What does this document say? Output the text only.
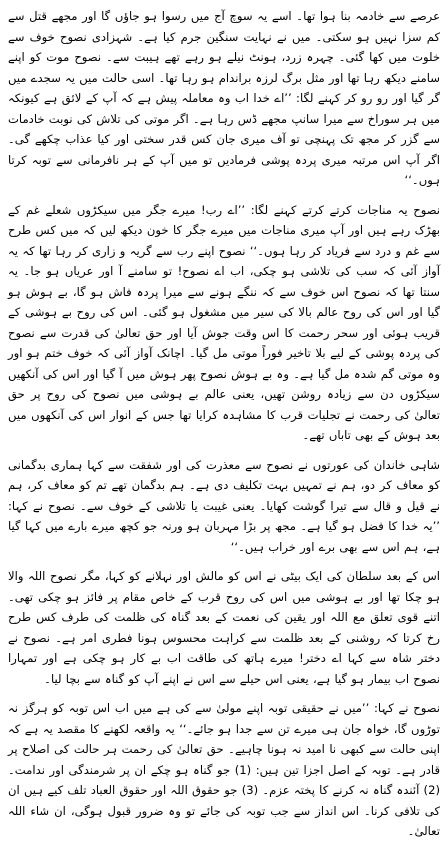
عرصے سے خادمہ بنا ہوا تھا۔ اسے یہ سوچ آج میں رسوا ہو جاؤں گا اور مجھے قتل سے کم سزا نہیں ہو سکتی۔ میں نے نہایت سنگین جرم کیا ہے۔ شہزادی نصوح خوف سے خلوت میں کھا گئی۔ چہرہ زرد، ہونٹ نیلے ہو رہے تھے ہیبت سے۔ نصوح موت کو اپنے سامنے دیکھ رہا تھا اور مثل برگ لرزہ براندام ہو رہا تھا۔ اسی حالت میں یہ سجدے میں گر گیا اور رو رو کر کہنے لگا: ’’اے خدا اب وہ معاملہ پیش ہے کہ آپ کے لائق ہے کیونکہ میں ہر سوراخ سے میرا سانپ مجھے ڈس رہا ہے۔ اگر موتی کی تلاش کی نوبت خادمات سے گزر کر مجھ تک پہنچی تو آف میری جان کس قدر سختی اور کیا عذاب چکھے گی۔ اگر آپ اس مرتبہ میری پردہ پوشی فرمادیں تو میں آپ کے ہر نافرمانی سے توبہ کرتا ہوں۔‘‘

نصوح یہ مناجات کرتے کرتے کہنے لگا: ’’اے رب! میرے جگر میں سیکڑوں شعلے غم کے بھڑک رہے ہیں اور آپ میری مناجات میں میرے جگر کا خون دیکھ لیں کہ میں کس طرح سے غم و درد سے فریاد کر رہا ہوں۔‘‘ نصوح اپنے رب سے گریہ و زاری کر رہا تھا کہ یہ آواز آئی کہ سب کی تلاشی ہو چکی، اب اے نصوح! تو سامنے آ اور عریاں ہو جا۔ یہ سنتا تھا کہ نصوح اس خوف سے کہ ننگے ہونے سے میرا پردہ فاش ہو گا، بے ہوش ہو گیا اور اس کی روح عالم بالا کی سیر میں مشغول ہو گئی۔ اس کی روح بے ہوشی کے قریب ہوئی اور سحر رحمت کا اس وقت جوش آیا اور حق تعالیٰ کی قدرت سے نصوح کی پردہ پوشی کے لیے بلا تاخیر فوراً موتی مل گیا۔ اچانک آواز آئی کہ خوف ختم ہو اور وہ موتی گم شدہ مل گیا ہے۔ وہ بے ہوش نصوح پھر ہوش میں آ گیا اور اس کی آنکھیں سیکڑوں دن سے زیادہ روشن تھیں، یعنی عالم بے ہوشی میں نصوح کی روح پر حق تعالیٰ کی رحمت نے تجلیات قرب کا مشاہدہ کرایا تھا جس کے انوار اس کی آنکھوں میں بعد ہوش کے بھی تاباں تھے۔

شاہی خاندان کی عورتوں نے نصوح سے معذرت کی اور شفقت سے کہا ہماری بدگمانی کو معاف کر دو، ہم نے تمہیں بہت تکلیف دی ہے۔ ہم بدگمان تھے تم کو معاف کر، ہم نے قیل و قال سے تیرا گوشت کھایا۔ یعنی غیبت یا تلاشی کے خوف سے۔ نصوح نے کہا: ’’یہ خدا کا فضل ہو گیا ہے۔ مجھ پر بڑا مہربان ہو ورنہ جو کچھ میرے بارے میں کہا گیا ہے، ہم اس سے بھی برے اور خراب ہیں۔‘‘

اس کے بعد سلطان کی ایک بیٹی نے اس کو مالش اور نہلانے کو کہا، مگر نصوح اللہ والا ہو چکا تھا اور بے ہوشی میں اس کی روح قرب کے خاص مقام پر فائز ہو چکی تھی۔ اتنے قوی تعلق مع اللہ اور یقین کی نعمت کے بعد گناہ کی ظلمت کی طرف کس طرح رخ کرتا کہ روشنی کے بعد ظلمت سے کراہت محسوس ہونا فطری امر ہے۔ نصوح نے دختر شاہ سے کہا اے دختر! میرے ہاتھ کی طاقت اب بے کار ہو چکی ہے اور تمہارا نصوح اب بیمار ہو گیا ہے، یعنی اس حیلے سے اس نے اپنے آپ کو گناہ سے بچا لیا۔

نصوح نے کہا: ’’میں نے حقیقی توبہ اپنے مولیٰ سے کی ہے میں اب اس توبہ کو ہرگز نہ توڑوں گا، خواہ جان ہی میرے تن سے جدا ہو جائے۔‘‘ یہ واقعہ لکھنے کا مقصد یہ ہے کہ اپنی حالت سے کبھی نا امید نہ ہونا چاہیے۔ حق تعالیٰ کی رحمت ہر حالت کی اصلاح پر قادر ہے۔ توبہ کے اصل اجزا تین ہیں: (1) جو گناہ ہو چکے ان پر شرمندگی اور ندامت۔ (2) آئندہ گناہ نہ کرنے کا پختہ عزم۔ (3) جو حقوق اللہ اور حقوق العباد تلف کیے ہیں ان کی تلافی کرنا۔ اس انداز سے جب توبہ کی جائے تو وہ ضرور قبول ہوگی، ان شاء اللہ تعالیٰ۔
